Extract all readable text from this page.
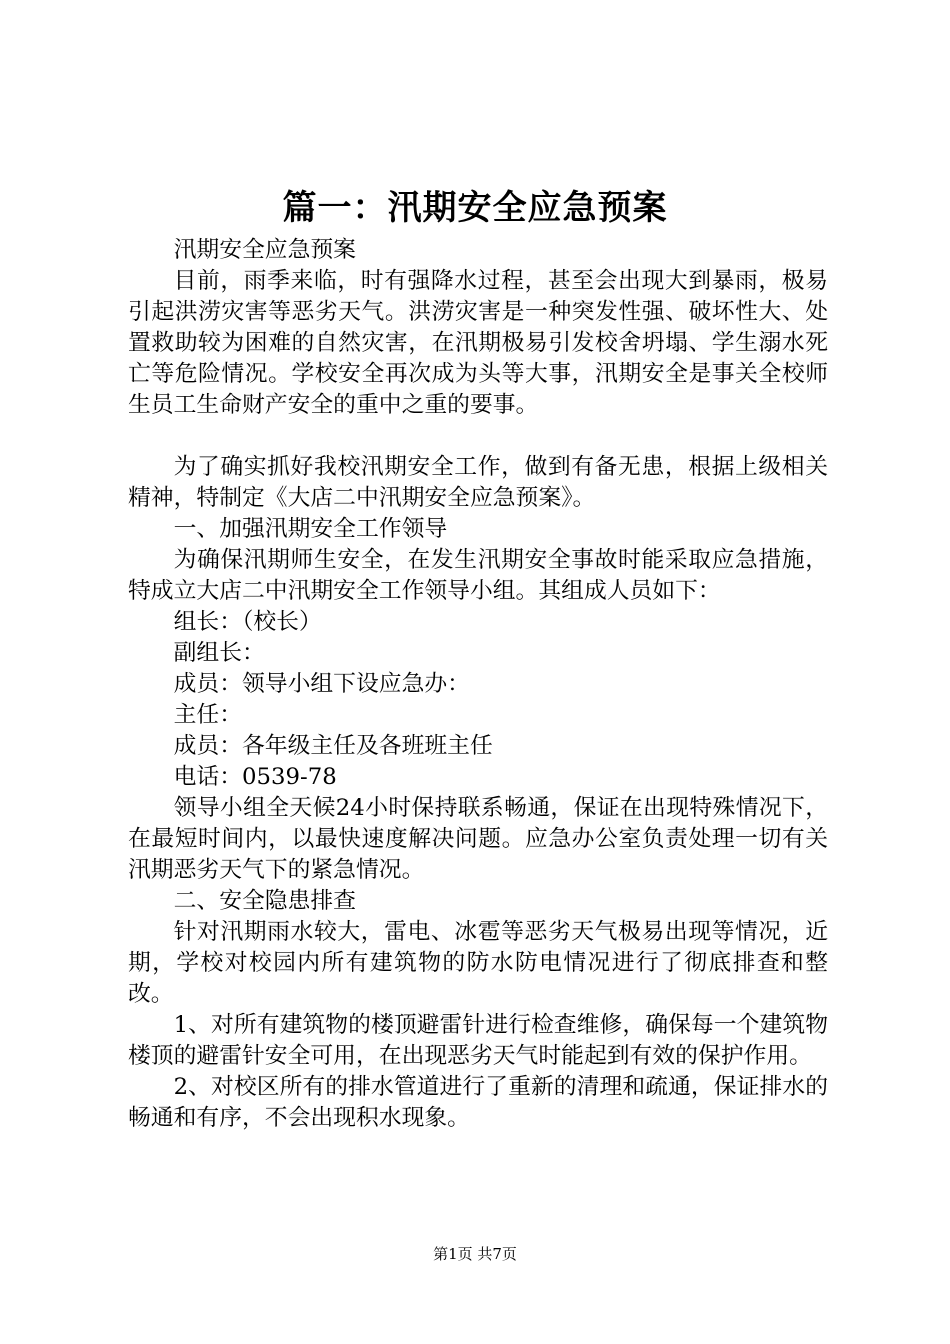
篇一：汛期安全应急预案

汛期安全应急预案

目前，雨季来临，时有强降水过程，甚至会出现大到暴雨，极易引起洪涝灾害等恶劣天气。洪涝灾害是一种突发性强、破坏性大、处置救助较为困难的自然灾害，在汛期极易引发校舍坍塌、学生溺水死亡等危险情况。学校安全再次成为头等大事，汛期安全是事关全校师生员工生命财产安全的重中之重的要事。

为了确实抓好我校汛期安全工作，做到有备无患，根据上级相关精神，特制定《大店二中汛期安全应急预案》。

一、加强汛期安全工作领导

为确保汛期师生安全，在发生汛期安全事故时能采取应急措施，特成立大店二中汛期安全工作领导小组。其组成人员如下：

组长：（校长）

副组长：

成员：领导小组下设应急办：

主任：

成员：各年级主任及各班班主任

电话：0539-78

领导小组全天候24小时保持联系畅通，保证在出现特殊情况下，在最短时间内，以最快速度解决问题。应急办公室负责处理一切有关汛期恶劣天气下的紧急情况。

二、安全隐患排查

针对汛期雨水较大，雷电、冰雹等恶劣天气极易出现等情况，近期，学校对校园内所有建筑物的防水防电情况进行了彻底排查和整改。

1、对所有建筑物的楼顶避雷针进行检查维修，确保每一个建筑物楼顶的避雷针安全可用，在出现恶劣天气时能起到有效的保护作用。

2、对校区所有的排水管道进行了重新的清理和疏通，保证排水的畅通和有序，不会出现积水现象。

第1页 共7页
